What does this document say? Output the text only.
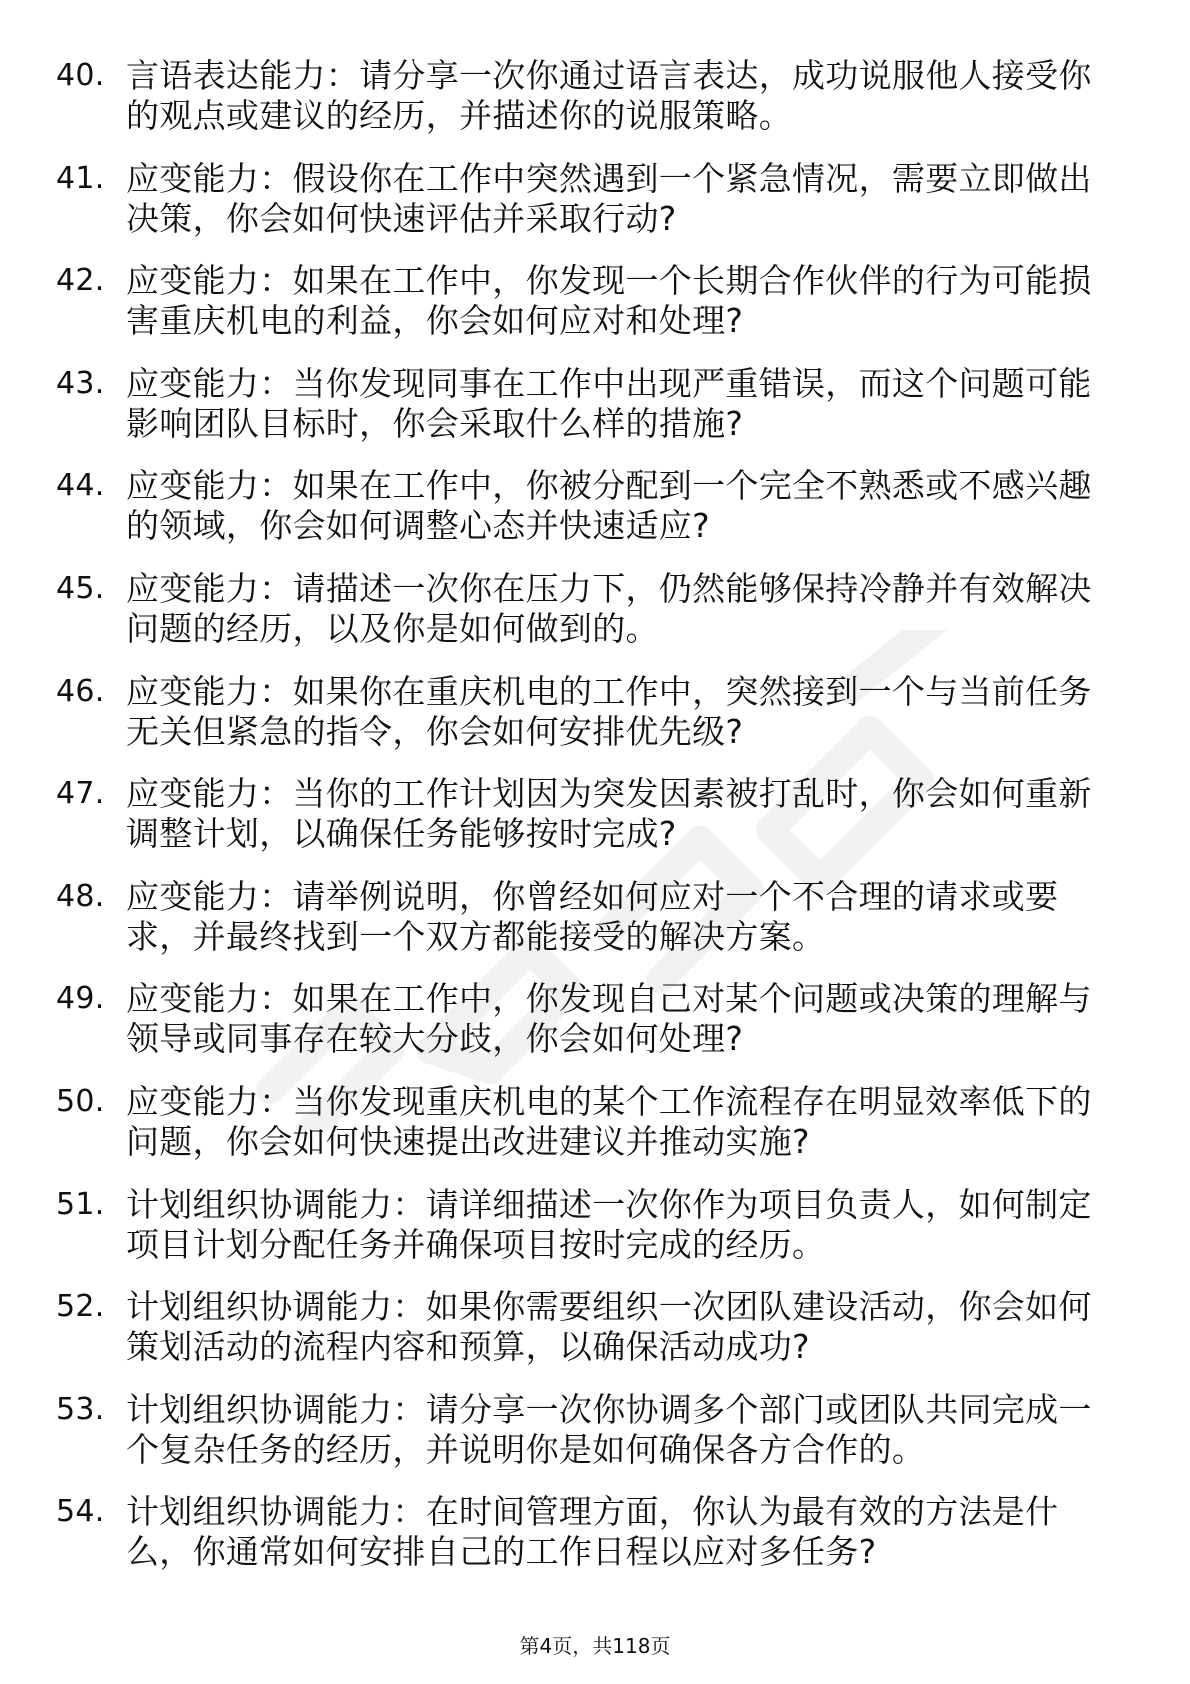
40. 言语表达能力：请分享一次你通过语言表达，成功说服他人接受你的观点或建议的经历，并描述你的说服策略。
41. 应变能力：假设你在工作中突然遇到一个紧急情况，需要立即做出决策，你会如何快速评估并采取行动?
42. 应变能力：如果在工作中，你发现一个长期合作伙伴的行为可能损害重庆机电的利益，你会如何应对和处理?
43. 应变能力：当你发现同事在工作中出现严重错误，而这个问题可能影响团队目标时，你会采取什么样的措施?
44. 应变能力：如果在工作中，你被分配到一个完全不熟悉或不感兴趣的领域，你会如何调整心态并快速适应?
45. 应变能力：请描述一次你在压力下，仍然能够保持冷静并有效解决问题的经历，以及你是如何做到的。
46. 应变能力：如果你在重庆机电的工作中，突然接到一个与当前任务无关但紧急的指令，你会如何安排优先级?
47. 应变能力：当你的工作计划因为突发因素被打乱时，你会如何重新调整计划，以确保任务能够按时完成?
48. 应变能力：请举例说明，你曾经如何应对一个不合理的请求或要求，并最终找到一个双方都能接受的解决方案。
49. 应变能力：如果在工作中，你发现自己对某个问题或决策的理解与领导或同事存在较大分歧，你会如何处理?
50. 应变能力：当你发现重庆机电的某个工作流程存在明显效率低下的问题，你会如何快速提出改进建议并推动实施?
51. 计划组织协调能力：请详细描述一次你作为项目负责人，如何制定项目计划分配任务并确保项目按时完成的经历。
52. 计划组织协调能力：如果你需要组织一次团队建设活动，你会如何策划活动的流程内容和预算，以确保活动成功?
53. 计划组织协调能力：请分享一次你协调多个部门或团队共同完成一个复杂任务的经历，并说明你是如何确保各方合作的。
54. 计划组织协调能力：在时间管理方面，你认为最有效的方法是什么，你通常如何安排自己的工作日程以应对多任务?
第4页，共118页
